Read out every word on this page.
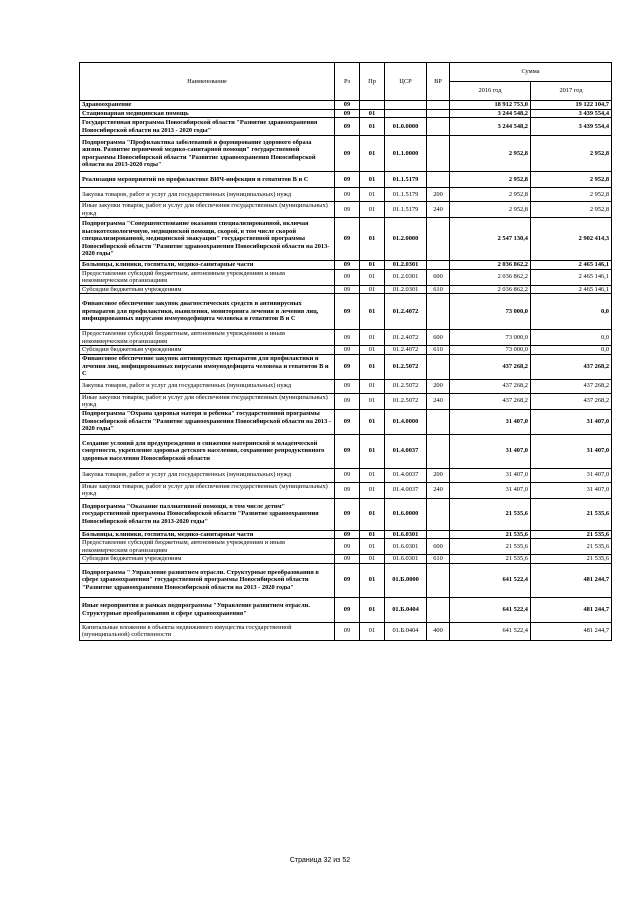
Наименование	Рз	Пр	ЦСР	ВР	Сумма	
					2016 год	2017 год
Здравоохранение	09				18 912 753,0	19 122 104,7
Стационарная медицинская помощь	09	01			3 244 548,2	3 439 554,4
Государственная программа Новосибирской области "Развитие здравоохранения Новосибирской области на 2013 - 2020 годы"	09	01	01.0.0000		3 244 548,2	3 439 554,4
Подпрограмма "Профилактика заболеваний и формирование здорового образа жизни. Развитие первичной медико-санитарной помощи" государственной программы Новосибирской области "Развитие здравоохранения Новосибирской области на 2013-2020 годы"	09	01	01.1.0000		2 952,8	2 952,8
Реализация мероприятий по профилактике ВИЧ-инфекции и гепатитов В и С	09	01	01.1.5179		2 952,8	2 952,8
Закупка товаров, работ и услуг для государственных (муниципальных) нужд	09	01	01.1.5179	200	2 952,8	2 952,8
Иные закупки товаров, работ и услуг для обеспечения государственных (муниципальных) нужд	09	01	01.1.5179	240	2 952,8	2 952,8
Подпрограмма "Совершенствование оказания специализированной, включая высокотехнологичную, медицинской помощи, скорой, в том числе скорой специализированной, медицинской эвакуации" государственной программы Новосибирской области "Развитие здравоохранения Новосибирской области на 2013-2020 годы"	09	01	01.2.0000		2 547 130,4	2 902 414,3
Больницы, клиники, госпитали, медико-санитарные части	09	01	01.2.0301		2 036 862,2	2 465 146,1
Предоставление субсидий бюджетным, автономным учреждениям и иным некоммерческим организациям	09	01	01.2.0301	600	2 036 862,2	2 465 146,1
Субсидии бюджетным учреждениям	09	01	01.2.0301	610	2 036 862,2	2 465 146,1
Финансовое обеспечение закупок диагностических средств и антивирусных препаратов для профилактики, выявления, мониторинга лечения и лечения лиц, инфицированных вирусами иммунодефицита человека и гепатитов В и С	09	01	01.2.4072		73 000,0	0,0
Предоставление субсидий бюджетным, автономным учреждениям и иным некоммерческим организациям	09	01	01.2.4072	600	73 000,0	0,0
Субсидии бюджетным учреждениям	09	01	01.2.4072	610	73 000,0	0,0
Финансовое обеспечение закупок антивирусных препаратов для профилактики и лечения лиц, инфицированных вирусами иммунодефицита человека и гепатитов В и С	09	01	01.2.5072		437 268,2	437 268,2
Закупка товаров, работ и услуг для государственных (муниципальных) нужд	09	01	01.2.5072	200	437 268,2	437 268,2
Иные закупки товаров, работ и услуг для обеспечения государственных (муниципальных) нужд	09	01	01.2.5072	240	437 268,2	437 268,2
Подпрограмма "Охрана здоровья матери и ребенка" государственной программы Новосибирской области "Развитие здравоохранения Новосибирской области на 2013 - 2020 годы"	09	01	01.4.0000		31 407,0	31 407,0
Создание условий для предупреждения и снижения материнской и младенческой смертности, укрепление здоровья детского населения, сохранение репродуктивного здоровья населения Новосибирской области	09	01	01.4.0037		31 407,0	31 407,0
Закупка товаров, работ и услуг для государственных (муниципальных) нужд	09	01	01.4.0037	200	31 407,0	31 407,0
Иные закупки товаров, работ и услуг для обеспечения государственных (муниципальных) нужд	09	01	01.4.0037	240	31 407,0	31 407,0
Подпрограмма "Оказание паллиативной помощи, в том числе детям" государственной программы Новосибирской области "Развитие здравоохранения Новосибирской области на 2013-2020 годы"	09	01	01.6.0000		21 535,6	21 535,6
Больницы, клиники, госпитали, медико-санитарные части	09	01	01.6.0301		21 535,6	21 535,6
Предоставление субсидий бюджетным, автономным учреждениям и иным некоммерческим организациям	09	01	01.6.0301	600	21 535,6	21 535,6
Субсидии бюджетным учреждениям	09	01	01.6.0301	610	21 535,6	21 535,6
Подпрограмма " Управление развитием отрасли. Структурные преобразования в сфере здравоохранения" государственной программы Новосибирской области "Развитие здравоохранения Новосибирской области на 2013 - 2020 годы"	09	01	01.Б.0000		641 522,4	481 244,7
Иные мероприятия в рамках подпрограммы "Управление развитием отрасли. Структурные преобразования в сфере здравоохранения"	09	01	01.Б.0404		641 522,4	481 244,7
Капитальные вложения в объекты недвижимого имущества государственной (муниципальной) собственности	09	01	01.Б.0404	400	641 522,4	481 244,7
Страница 32 из 52
